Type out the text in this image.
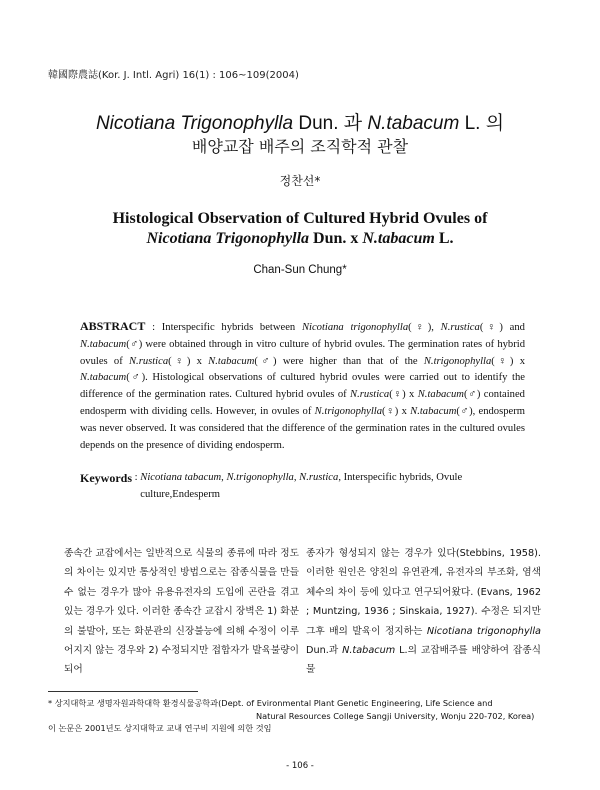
韓國際農誌(Kor. J. Intl. Agri) 16(1) : 106~109(2004)
Nicotiana Trigonophylla Dun. 과 N.tabacum L. 의
배양교잡 배주의 조직학적 관찰
정찬선*
Histological Observation of Cultured Hybrid Ovules of
Nicotiana Trigonophylla Dun. x N.tabacum L.
Chan-Sun Chung*
ABSTRACT : Interspecific hybrids between Nicotiana trigonophylla(♀), N.rustica(♀) and N.tabacum(♂) were obtained through in vitro culture of hybrid ovules. The germination rates of hybrid ovules of N.rustica(♀) x N.tabacum(♂) were higher than that of the N.trigonophylla(♀) x N.tabacum(♂). Histological observations of cultured hybrid ovules were carried out to identify the difference of the germination rates. Cultured hybrid ovules of N.rustica(♀) x N.tabacum(♂) contained endosperm with dividing cells. However, in ovules of N.trigonophylla(♀) x N.tabacum(♂), endosperm was never observed. It was considered that the difference of the germination rates in the cultured ovules depends on the presence of dividing endosperm.
Keywords : Nicotiana tabacum, N.trigonophylla, N.rustica, Interspecific hybrids, Ovule culture,Endesperm
종속간 교잡에서는 일반적으로 식물의 종류에 따라 정도의 차이는 있지만 통상적인 방법으로는 잡종식물을 만들 수 없는 경우가 많아 유용유전자의 도입에 곤란을 겪고 있는 경우가 있다. 이러한 종속간 교잡시 장벽은 1) 화분의 불발아, 또는 화분관의 신장불능에 의해 수정이 이루어지지 않는 경우와 2) 수정되지만 접합자가 발육불량이 되어
종자가 형성되지 않는 경우가 있다(Stebbins, 1958). 이러한 원인은 양친의 유연관계, 유전자의 부조화, 염색체수의 차이 등에 있다고 연구되어왔다. (Evans, 1962 ; Muntzing, 1936 ; Sinskaia, 1927). 수정은 되지만 그후 배의 발육이 정지하는 Nicotiana trigonophylla Dun.과 N.tabacum L.의 교잡배주를 배양하여 잡종식물
* 상지대학교 생명자원과학대학 환경식물공학과(Dept. of Evironmental Plant Genetic Engineering, Life Science and
Natural Resources College Sangji University, Wonju 220-702, Korea)
이 논문은 2001년도 상지대학교 교내 연구비 지원에 의한 것임
- 106 -
